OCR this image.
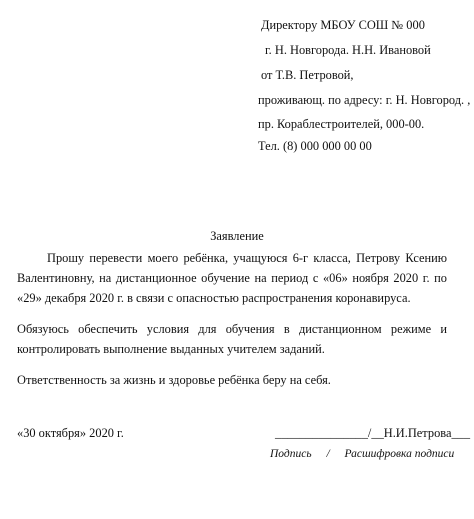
Директору МБОУ СОШ № 000
г. Н. Новгорода. Н.Н. Ивановой
от Т.В. Петровой,
проживающ. по адресу: г. Н. Новгород. ,
пр. Кораблестроителей, 000-00.
Тел. (8) 000 000 00 00
Заявление

Прошу перевести моего ребёнка, учащуюся 6-г класса, Петрову Ксению Валентиновну, на дистанционное обучение на период с «06» ноября 2020 г. по «29» декабря 2020 г. в связи с опасностью распространения коронавируса.

Обязуюсь обеспечить условия для обучения в дистанционном режиме и контролировать выполнение выданных учителем заданий.

Ответственность за жизнь и здоровье ребёнка беру на себя.

«30 октября» 2020 г.	_______________/__Н.И.Петрова___
Подпись / Расшифровка подписи
